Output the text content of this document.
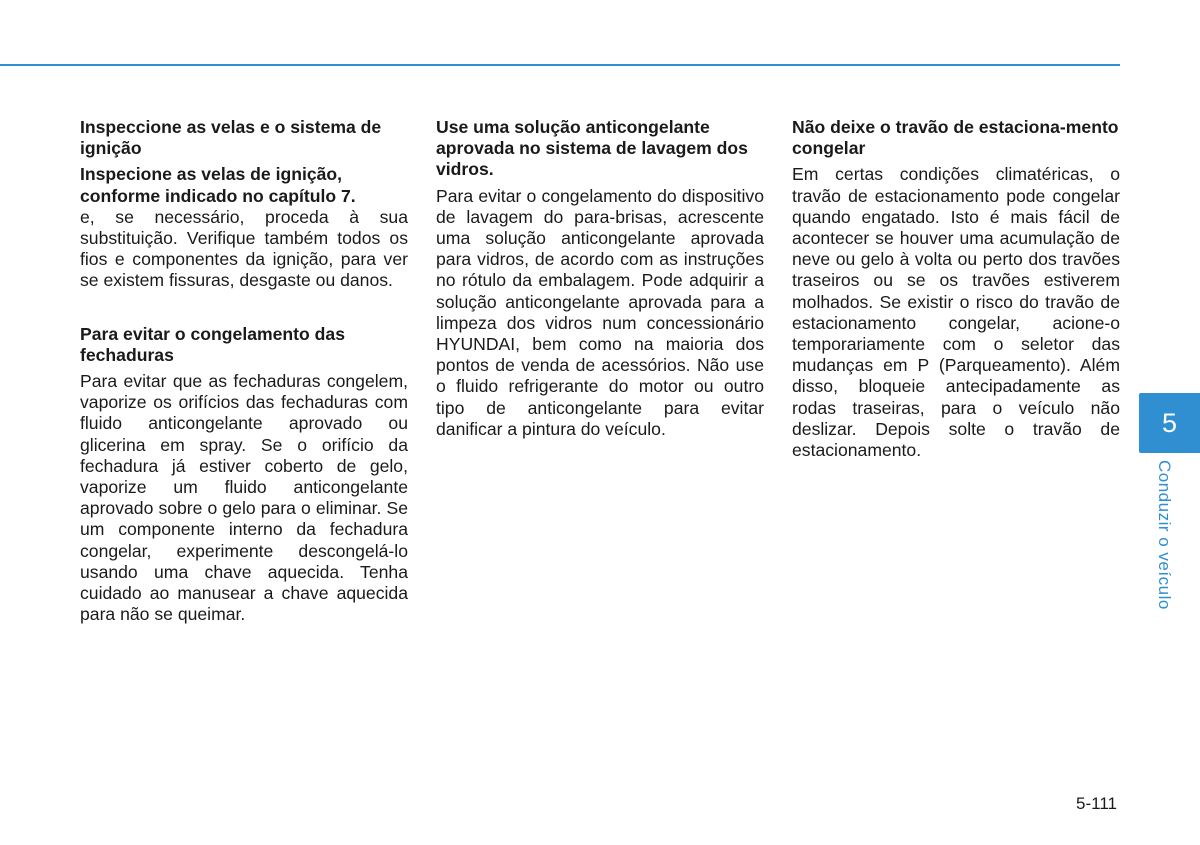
Inspeccione as velas e o sistema de ignição

Inspecione as velas de ignição, conforme indicado no capítulo 7.

e, se necessário, proceda à sua substituição. Verifique também todos os fios e componentes da ignição, para ver se existem fissuras, desgaste ou danos.

Para evitar o congelamento das fechaduras

Para evitar que as fechaduras congelem, vaporize os orifícios das fechaduras com fluido anticongelante aprovado ou glicerina em spray. Se o orifício da fechadura já estiver coberto de gelo, vaporize um fluido anticongelante aprovado sobre o gelo para o eliminar. Se um componente interno da fechadura congelar, experimente descongelá-lo usando uma chave aquecida. Tenha cuidado ao manusear a chave aquecida para não se queimar.

Use uma solução anticongelante aprovada no sistema de lavagem dos vidros.

Para evitar o congelamento do dispositivo de lavagem do para-brisas, acrescente uma solução anticongelante aprovada para vidros, de acordo com as instruções no rótulo da embalagem. Pode adquirir a solução anticongelante aprovada para a limpeza dos vidros num concessionário HYUNDAI, bem como na maioria dos pontos de venda de acessórios. Não use o fluido refrigerante do motor ou outro tipo de anticongelante para evitar danificar a pintura do veículo.

Não deixe o travão de estaciona-mento congelar

Em certas condições climatéricas, o travão de estacionamento pode congelar quando engatado. Isto é mais fácil de acontecer se houver uma acumulação de neve ou gelo à volta ou perto dos travões traseiros ou se os travões estiverem molhados. Se existir o risco do travão de estacionamento congelar, acione-o temporariamente com o seletor das mudanças em P (Parqueamento). Além disso, bloqueie antecipadamente as rodas traseiras, para o veículo não deslizar. Depois solte o travão de estacionamento.

5
Conduzir o veículo
5-111
